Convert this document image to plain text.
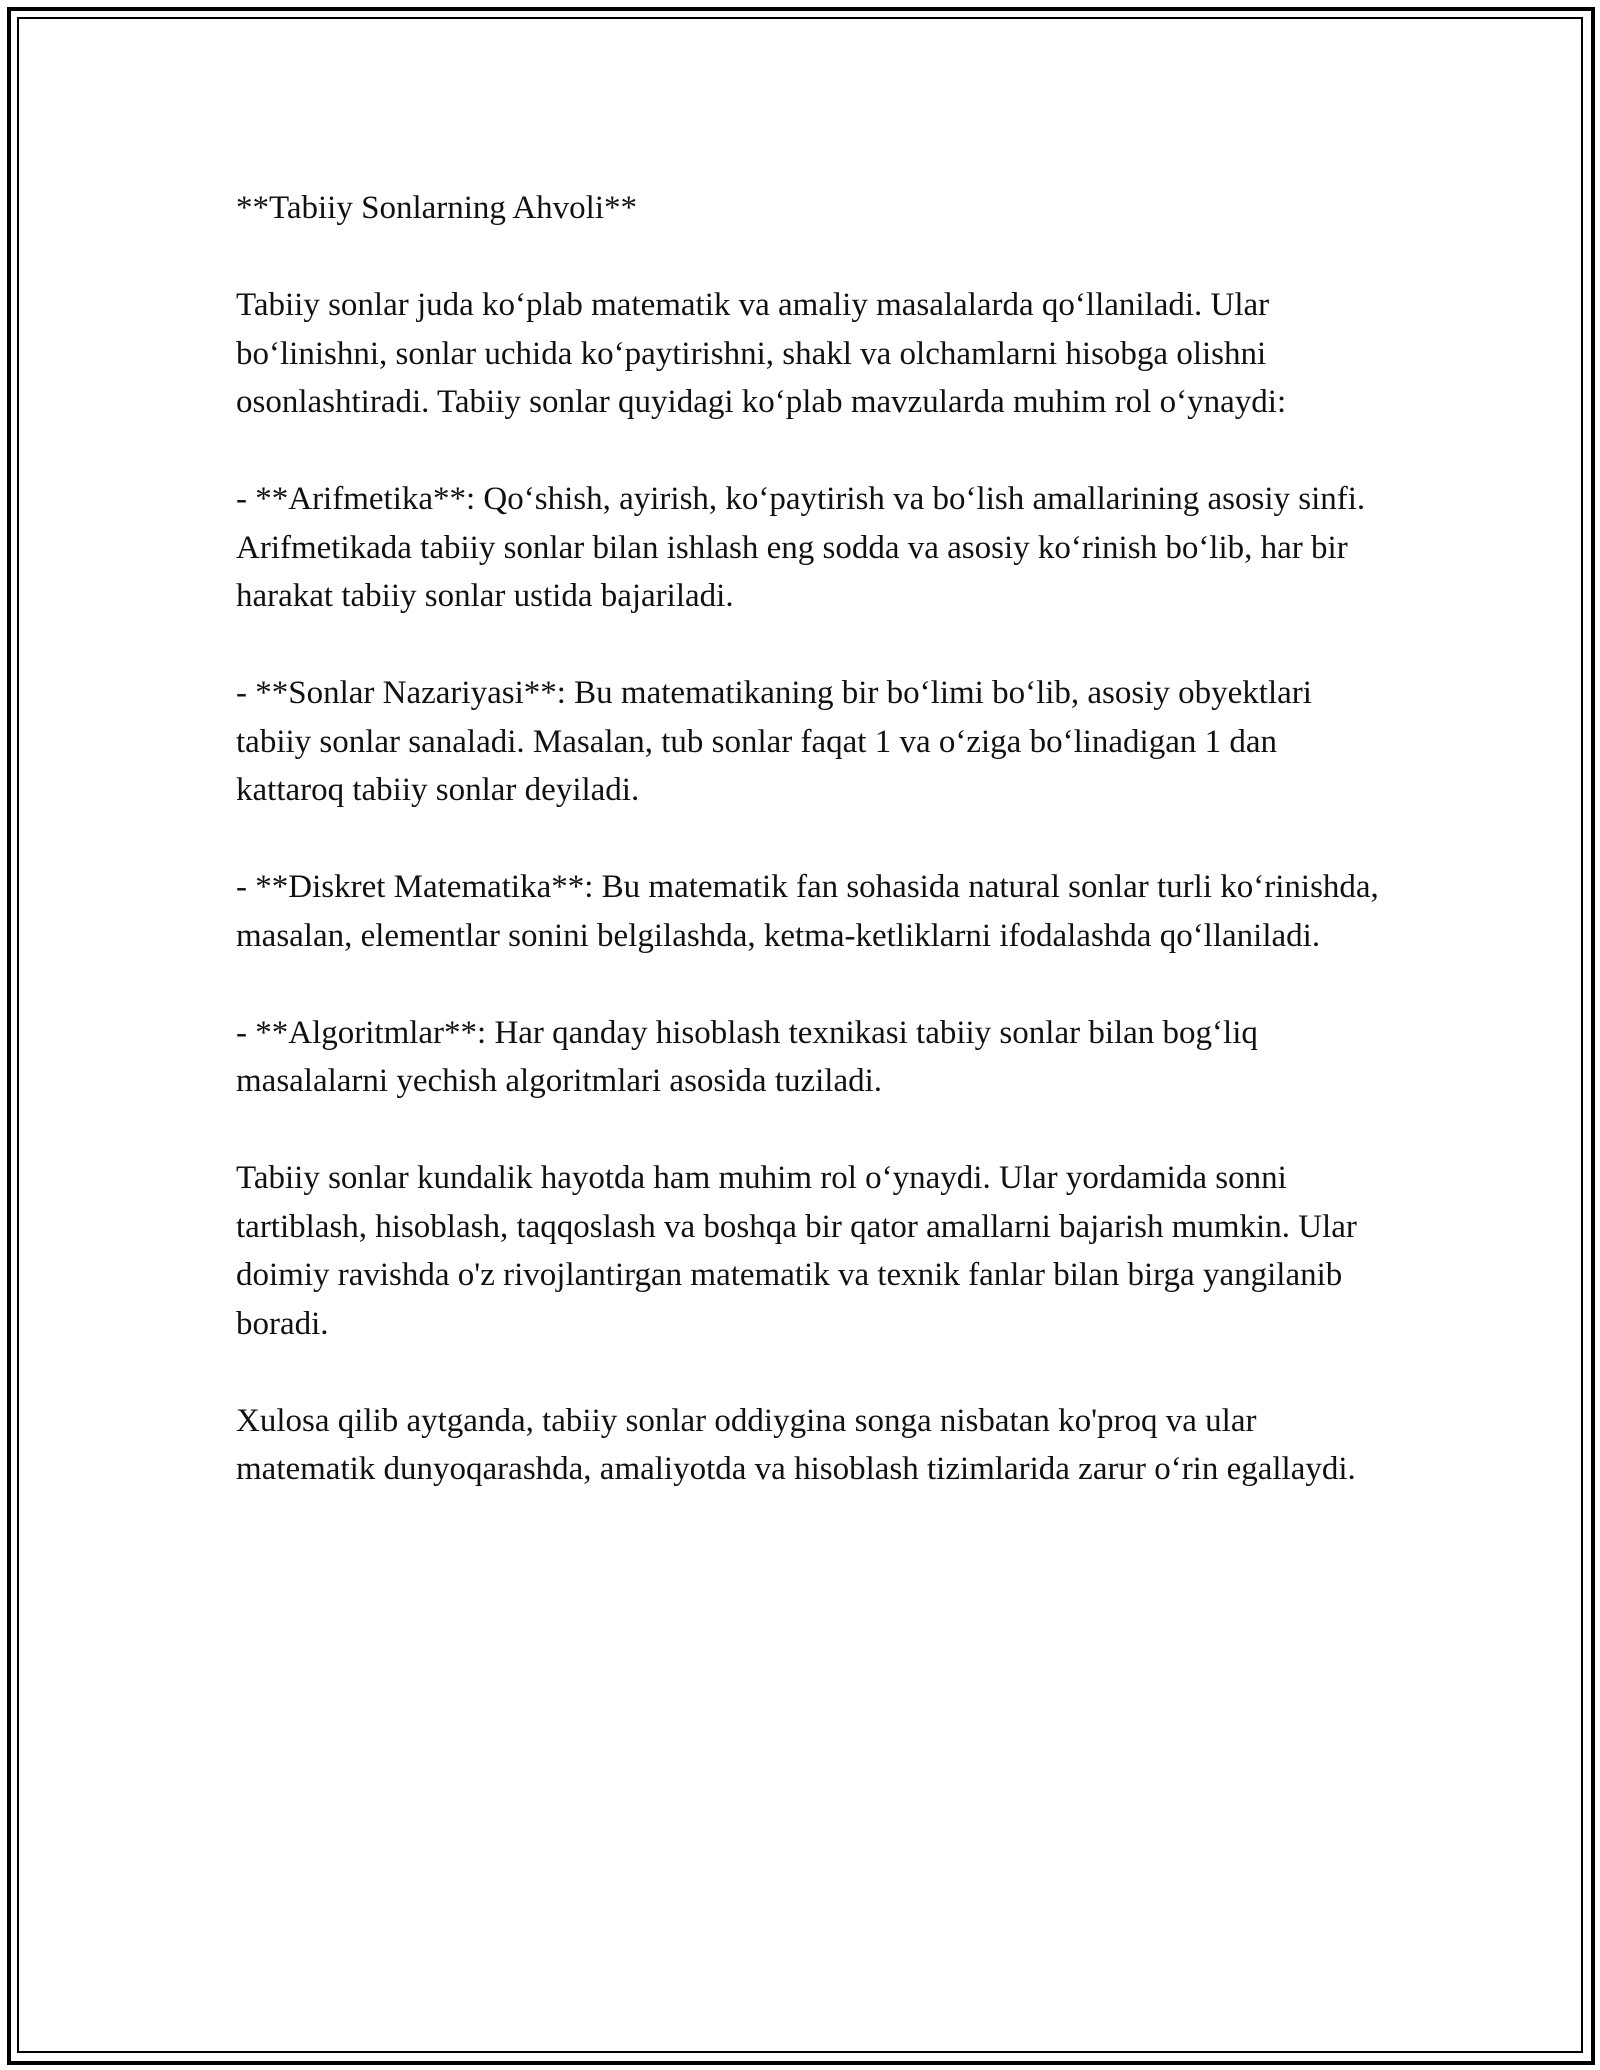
**Tabiiy Sonlarning Ahvoli**

Tabiiy sonlar juda ko‘plab matematik va amaliy masalalarda qo‘llaniladi. Ular bo‘linishni, sonlar uchida ko‘paytirishni, shakl va olchamlarni hisobga olishni osonlashtiradi. Tabiiy sonlar quyidagi ko‘plab mavzularda muhim rol o‘ynaydi:

- **Arifmetika**: Qo‘shish, ayirish, ko‘paytirish va bo‘lish amallarining asosiy sinfi. Arifmetikada tabiiy sonlar bilan ishlash eng sodda va asosiy ko‘rinish bo‘lib, har bir harakat tabiiy sonlar ustida bajariladi.

- **Sonlar Nazariyasi**: Bu matematikaning bir bo‘limi bo‘lib, asosiy obyektlari tabiiy sonlar sanaladi. Masalan, tub sonlar faqat 1 va o‘ziga bo‘linadigan 1 dan kattaroq tabiiy sonlar deyiladi.

- **Diskret Matematika**: Bu matematik fan sohasida natural sonlar turli ko‘rinishda, masalan, elementlar sonini belgilashda, ketma-ketliklarni ifodalashda qo‘llaniladi.

- **Algoritmlar**: Har qanday hisoblash texnikasi tabiiy sonlar bilan bog‘liq masalalarni yechish algoritmlari asosida tuziladi.

Tabiiy sonlar kundalik hayotda ham muhim rol o‘ynaydi. Ular yordamida sonni tartiblash, hisoblash, taqqoslash va boshqa bir qator amallarni bajarish mumkin. Ular doimiy ravishda o'z rivojlantirgan matematik va texnik fanlar bilan birga yangilanib boradi.

Xulosa qilib aytganda, tabiiy sonlar oddiygina songa nisbatan ko'proq va ular matematik dunyoqarashda, amaliyotda va hisoblash tizimlarida zarur o‘rin egallaydi.
